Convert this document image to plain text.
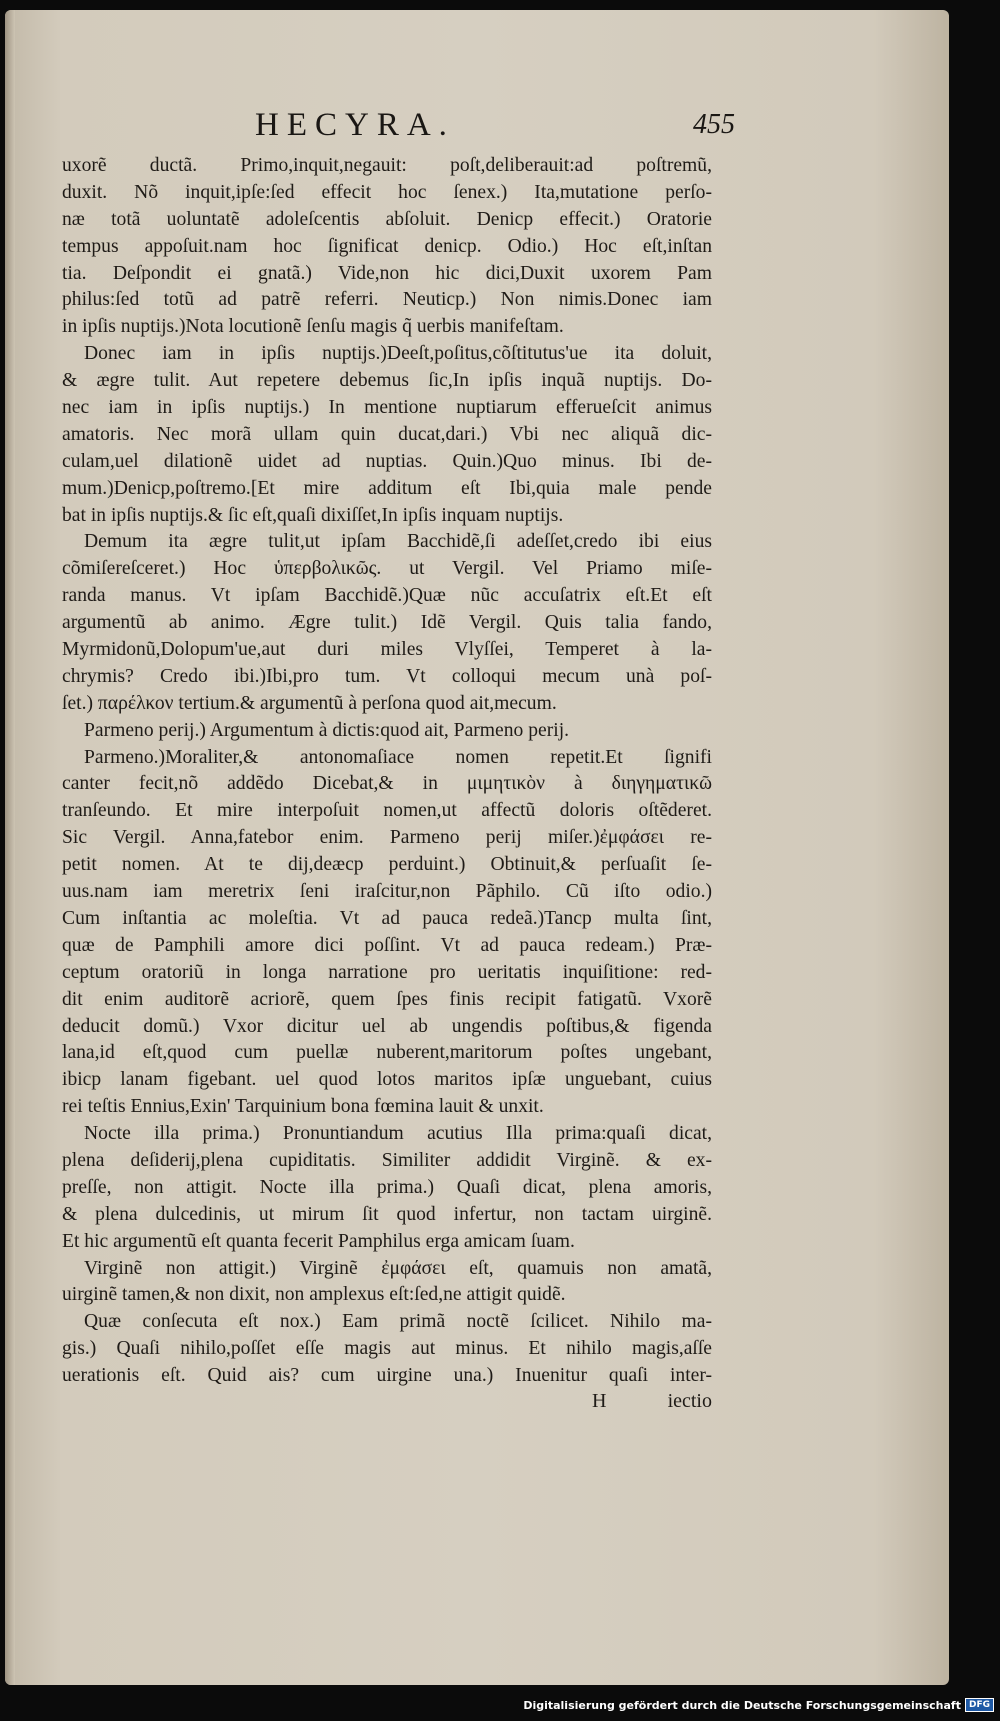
HECYRA.	455
uxorẽ ductã. Primo,inquit,negauit: poſt,deliberauit:ad poſtremũ,
duxit. Nõ inquit,ipſe:ſed effecit hoc ſenex.) Ita,mutatione perſo-
næ totã uoluntatẽ adoleſcentis abſoluit. Denicp effecit.) Oratorie
tempus appoſuit.nam hoc ſignificat denicp. Odio.) Hoc eſt,inſtan
tia. Deſpondit ei gnatã.) Vide,non hic dici,Duxit uxorem Pam
philus:ſed totũ ad patrẽ referri. Neuticp.) Non nimis.Donec iam
in ipſis nuptijs.)Nota locutionẽ ſenſu magis q̃ uerbis manifeſtam.
Donec iam in ipſis nuptijs.)Deeſt,poſitus,cõſtitutus'ue ita doluit,
& ægre tulit. Aut repetere debemus ſic,In ipſis inquã nuptijs. Do-
nec iam in ipſis nuptijs.) In mentione nuptiarum efferueſcit animus
amatoris. Nec morã ullam quin ducat,dari.) Vbi nec aliquã dic-
culam,uel dilationẽ uidet ad nuptias. Quin.)Quo minus. Ibi de-
mum.)Denicp,poſtremo.[Et mire additum eſt Ibi,quia male pende
bat in ipſis nuptijs.& ſic eſt,quaſi dixiſſet,In ipſis inquam nuptijs.
Demum ita ægre tulit,ut ipſam Bacchidẽ,ſi adeſſet,credo ibi eius
cõmiſereſceret.) Hoc ὑπερβολικῶς. ut Vergil. Vel Priamo miſe-
randa manus. Vt ipſam Bacchidẽ.)Quæ nũc accuſatrix eſt.Et eſt
argumentũ ab animo. Ægre tulit.) Idẽ Vergil. Quis talia fando,
Myrmidonũ,Dolopum'ue,aut duri miles Vlyſſei, Temperet à la-
chrymis? Credo ibi.)Ibi,pro tum. Vt colloqui mecum unà poſ-
ſet.) παρέλκον tertium.& argumentũ à perſona quod ait,mecum.
Parmeno perij.) Argumentum à dictis:quod ait, Parmeno perij.
Parmeno.)Moraliter,& antonomaſiace nomen repetit.Et ſignifi
canter fecit,nõ addẽdo Dicebat,& in μιμητικὸν à διηγηματικῶ
tranſeundo. Et mire interpoſuit nomen,ut affectũ doloris oſtẽderet.
Sic Vergil. Anna,fatebor enim. Parmeno perij miſer.)ἐμφάσει re-
petit nomen. At te dij,deæcp perduint.) Obtinuit,& perſuaſit ſe-
uus.nam iam meretrix ſeni iraſcitur,non Pãphilo. Cũ iſto odio.)
Cum inſtantia ac moleſtia. Vt ad pauca redeã.)Tancp multa ſint,
quæ de Pamphili amore dici poſſint. Vt ad pauca redeam.) Præ-
ceptum oratoriũ in longa narratione pro ueritatis inquiſitione: red-
dit enim auditorẽ acriorẽ, quem ſpes finis recipit fatigatũ. Vxorẽ
deducit domũ.) Vxor dicitur uel ab ungendis poſtibus,& figenda
lana,id eſt,quod cum puellæ nuberent,maritorum poſtes ungebant,
ibicp lanam figebant. uel quod lotos maritos ipſæ unguebant, cuius
rei teſtis Ennius,Exin' Tarquinium bona fœmina lauit & unxit.
Nocte illa prima.) Pronuntiandum acutius Illa prima:quaſi dicat,
plena deſiderij,plena cupiditatis. Similiter addidit Virginẽ. & ex-
preſſe, non attigit. Nocte illa prima.) Quaſi dicat, plena amoris,
& plena dulcedinis, ut mirum ſit quod infertur, non tactam uirginẽ.
Et hic argumentũ eſt quanta fecerit Pamphilus erga amicam ſuam.
Virginẽ non attigit.) Virginẽ ἐμφάσει eſt, quamuis non amatã,
uirginẽ tamen,& non dixit, non amplexus eſt:ſed,ne attigit quidẽ.
Quæ conſecuta eſt nox.) Eam primã noctẽ ſcilicet. Nihilo ma-
gis.) Quaſi nihilo,poſſet eſſe magis aut minus. Et nihilo magis,aſſe
uerationis eſt. Quid ais? cum uirgine una.) Inuenitur quaſi inter-
H	iectio
Digitalisierung gefördert durch die Deutsche Forschungsgemeinschaft DFG
